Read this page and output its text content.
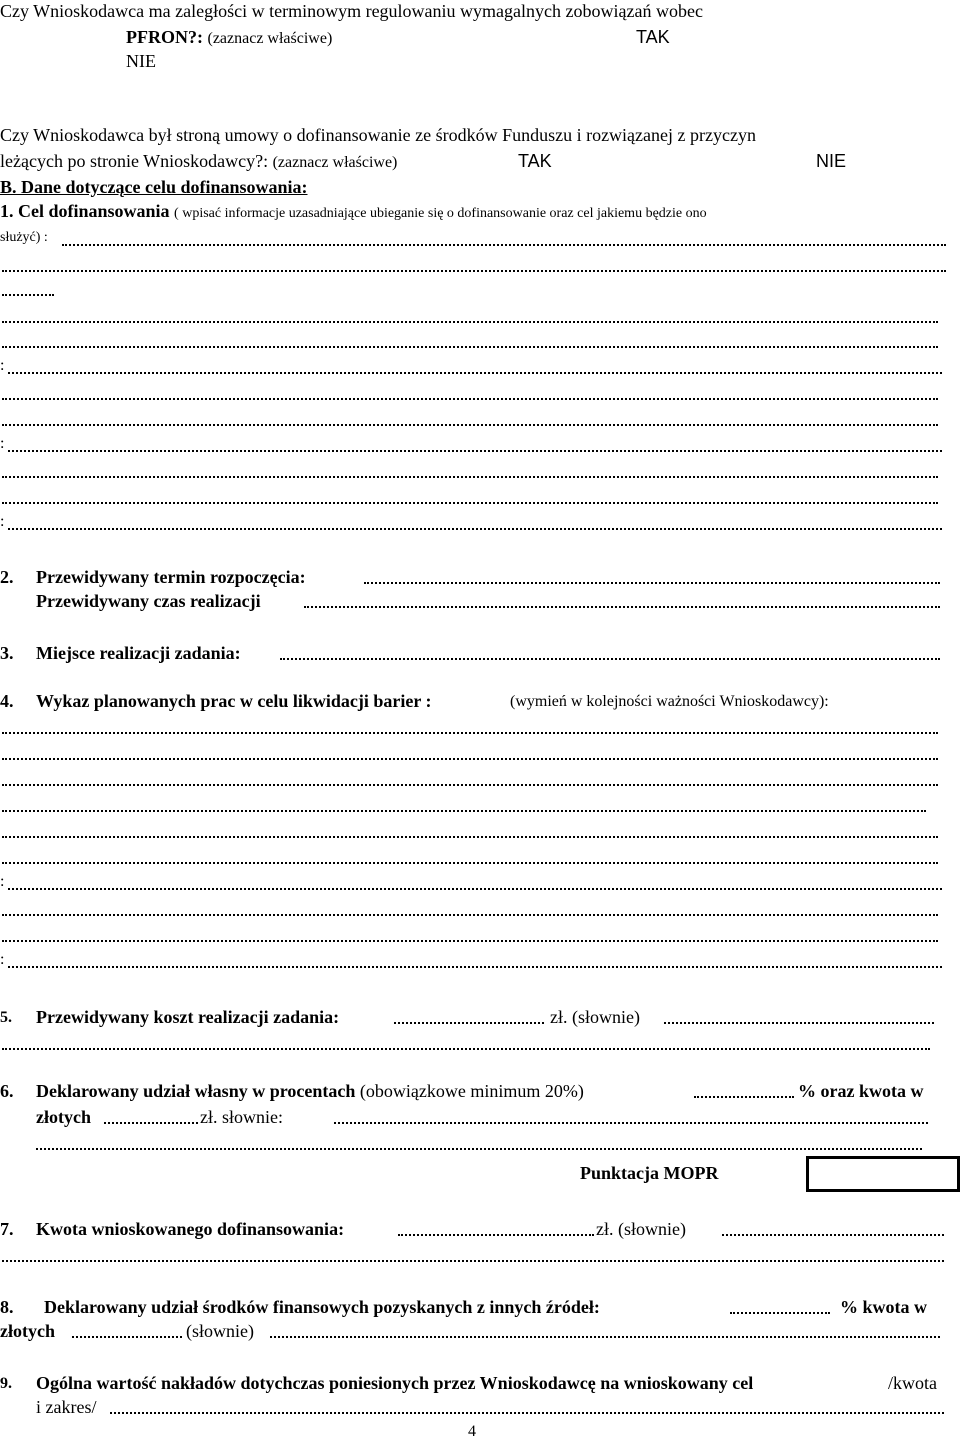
Czy Wnioskodawca ma zaległości w terminowym regulowaniu wymagalnych zobowiązań wobec
PFRON?: (zaznacz właściwe)	TAK
NIE
Czy Wnioskodawca był stroną umowy o dofinansowanie ze środków Funduszu i rozwiązanej z przyczyn
leżących po stronie Wnioskodawcy?: (zaznacz właściwe)	TAK	NIE
B. Dane dotyczące celu dofinansowania:
1. Cel dofinansowania ( wpisać informacje uzasadniające ubieganie się o dofinansowanie oraz cel jakiemu będzie ono
służyć) :
:
:
:
2. Przewidywany termin rozpoczęcia:
Przewidywany czas realizacji
3. Miejsce realizacji zadania:
4. Wykaz planowanych prac w celu likwidacji barier :	(wymień w kolejności ważności Wnioskodawcy):
:
:
5. Przewidywany koszt realizacji zadania:	zł. (słownie)
6. Deklarowany udział własny w procentach (obowiązkowe minimum 20%)	% oraz kwota w
złotych	zł. słownie:
Punktacja MOPR
7. Kwota wnioskowanego dofinansowania:	zł. (słownie)
8. Deklarowany udział środków finansowych pozyskanych z innych źródeł:	% kwota w
złotych	(słownie)
9. Ogólna wartość nakładów dotychczas poniesionych przez Wnioskodawcę na wnioskowany cel	/kwota
i zakres/
4
